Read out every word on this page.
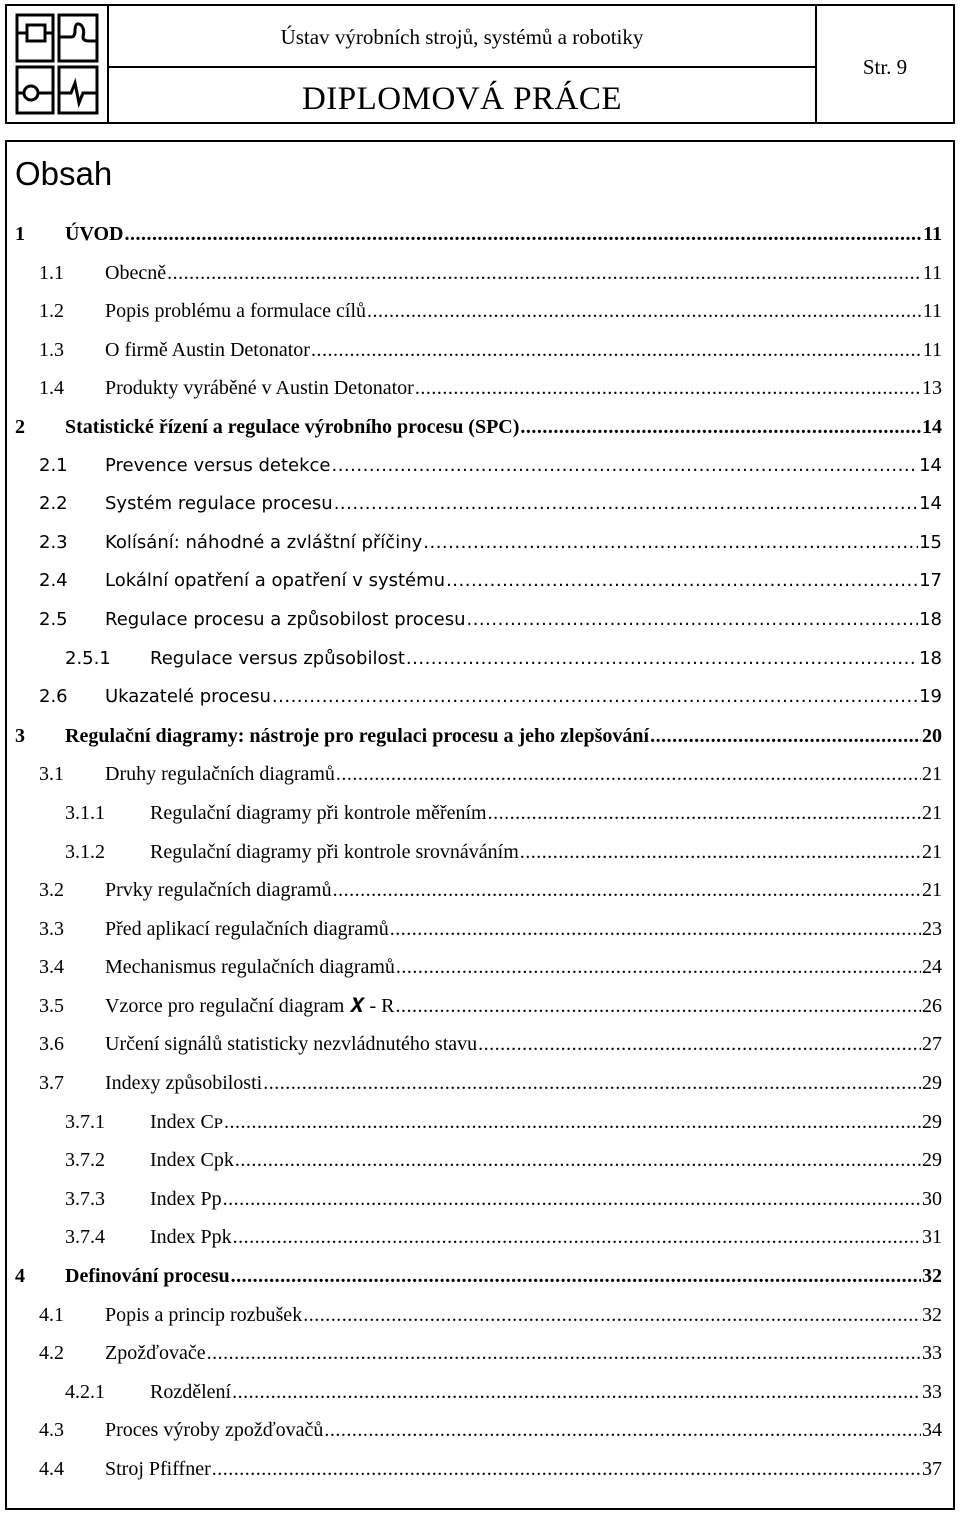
Ústav výrobních strojů, systémů a robotiky
DIPLOMOVÁ PRÁCE
Str. 9
Obsah
1 ÚVOD .....	11
1.1 Obecně .....	11
1.2 Popis problému a formulace cílů .....	11
1.3 O firmě Austin Detonator .....	11
1.4 Produkty vyráběné v Austin Detonator .....	13
2 Statistické řízení a regulace výrobního procesu (SPC) .....	14
2.1 Prevence versus detekce .....	14
2.2 Systém regulace procesu .....	14
2.3 Kolísání: náhodné a zvláštní příčiny .....	15
2.4 Lokální opatření a opatření v systému .....	17
2.5 Regulace procesu a způsobilost procesu .....	18
2.5.1 Regulace versus způsobilost .....	18
2.6 Ukazatelé procesu .....	19
3 Regulační diagramy: nástroje pro regulaci procesu a jeho zlepšování .....	20
3.1 Druhy regulačních diagramů .....	21
3.1.1 Regulační diagramy při kontrole měřením .....	21
3.1.2 Regulační diagramy při kontrole srovnáváním .....	21
3.2 Prvky regulačních diagramů .....	21
3.3 Před aplikací regulačních diagramů .....	23
3.4 Mechanismus regulačních diagramů .....	24
3.5 Vzorce pro regulační diagram 𝑿 - R .....	26
3.6 Určení signálů statisticky nezvládnutého stavu .....	27
3.7 Indexy způsobilosti .....	29
3.7.1 Index Cᴘ .....	29
3.7.2 Index Cpk .....	29
3.7.3 Index Pp .....	30
3.7.4 Index Ppk .....	31
4 Definování procesu .....	32
4.1 Popis a princip rozbušek .....	32
4.2 Zpožďovače .....	33
4.2.1 Rozdělení .....	33
4.3 Proces výroby zpožďovačů .....	34
4.4 Stroj Pfiffner .....	37
